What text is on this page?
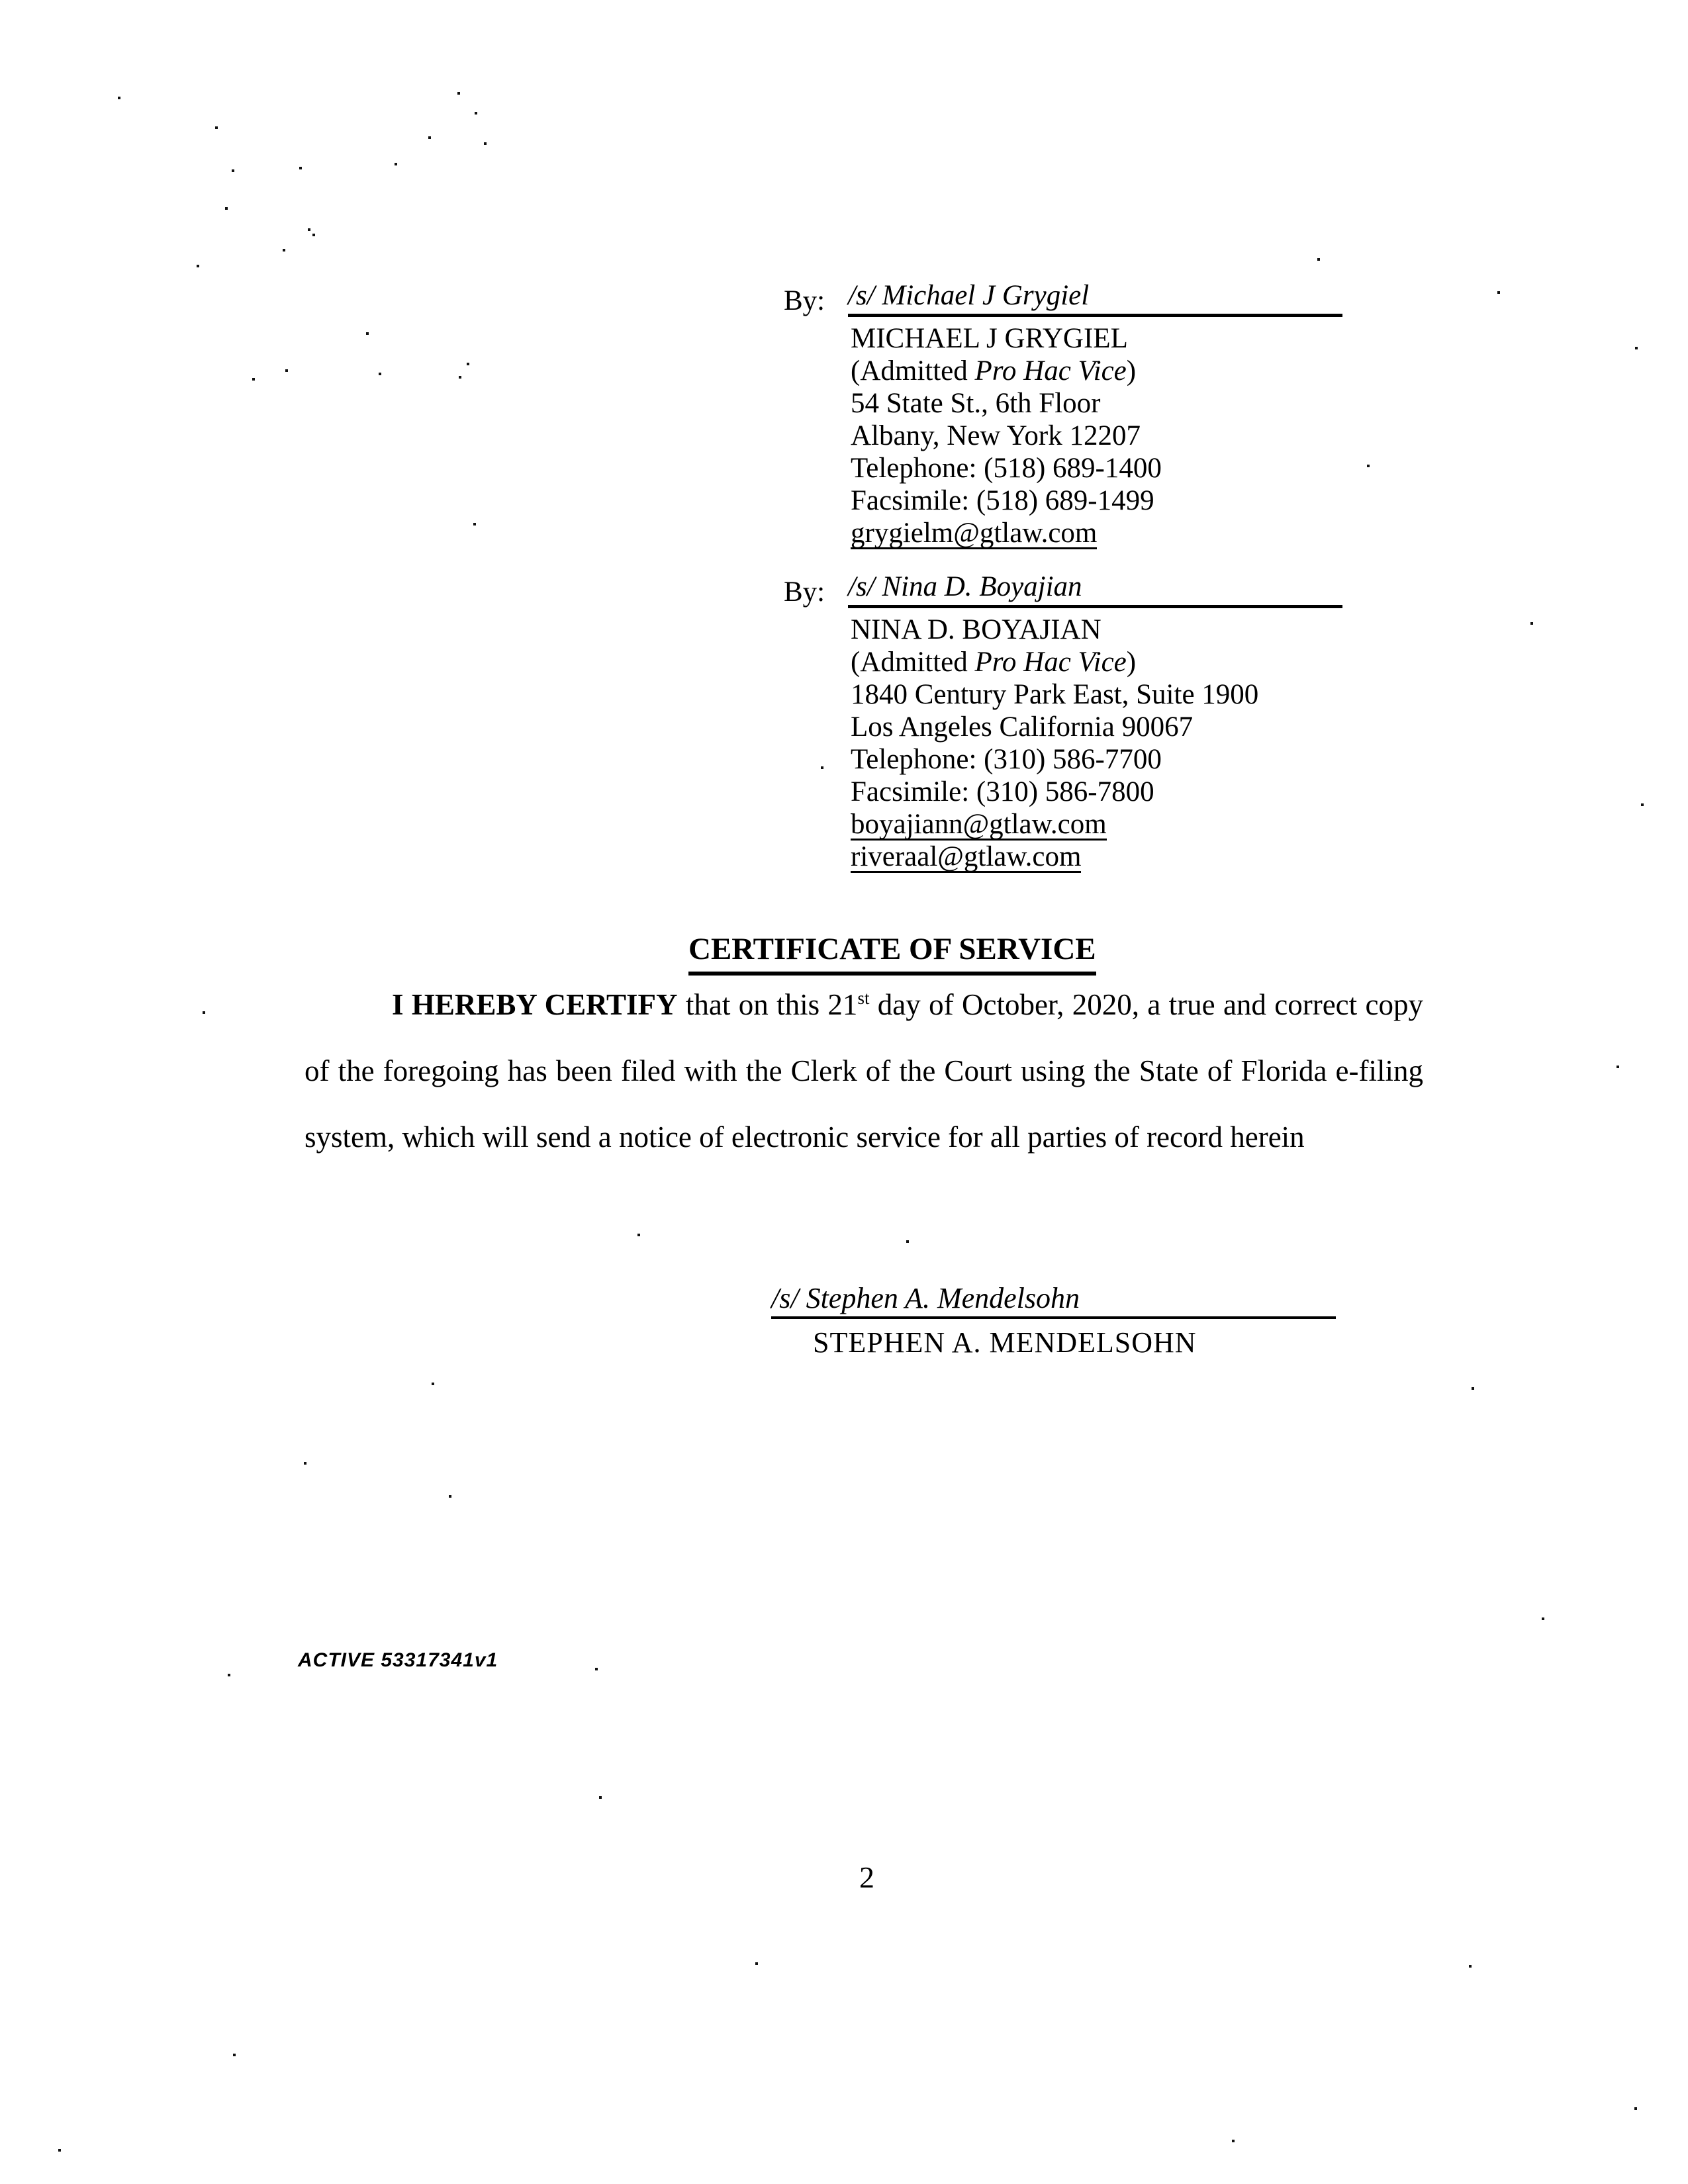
By: /s/ Michael J Grygiel
MICHAEL J GRYGIEL
(Admitted Pro Hac Vice)
54 State St., 6th Floor
Albany, New York 12207
Telephone: (518) 689-1400
Facsimile: (518) 689-1499
grygielm@gtlaw.com
By: /s/ Nina D. Boyajian
NINA D. BOYAJIAN
(Admitted Pro Hac Vice)
1840 Century Park East, Suite 1900
Los Angeles California 90067
Telephone: (310) 586-7700
Facsimile: (310) 586-7800
boyajiann@gtlaw.com
riveraal@gtlaw.com
CERTIFICATE OF SERVICE

I HEREBY CERTIFY that on this 21st day of October, 2020, a true and correct copy of the foregoing has been filed with the Clerk of the Court using the State of Florida e-filing system, which will send a notice of electronic service for all parties of record herein

/s/ Stephen A. Mendelsohn
STEPHEN A. MENDELSOHN
ACTIVE 53317341v1
2
